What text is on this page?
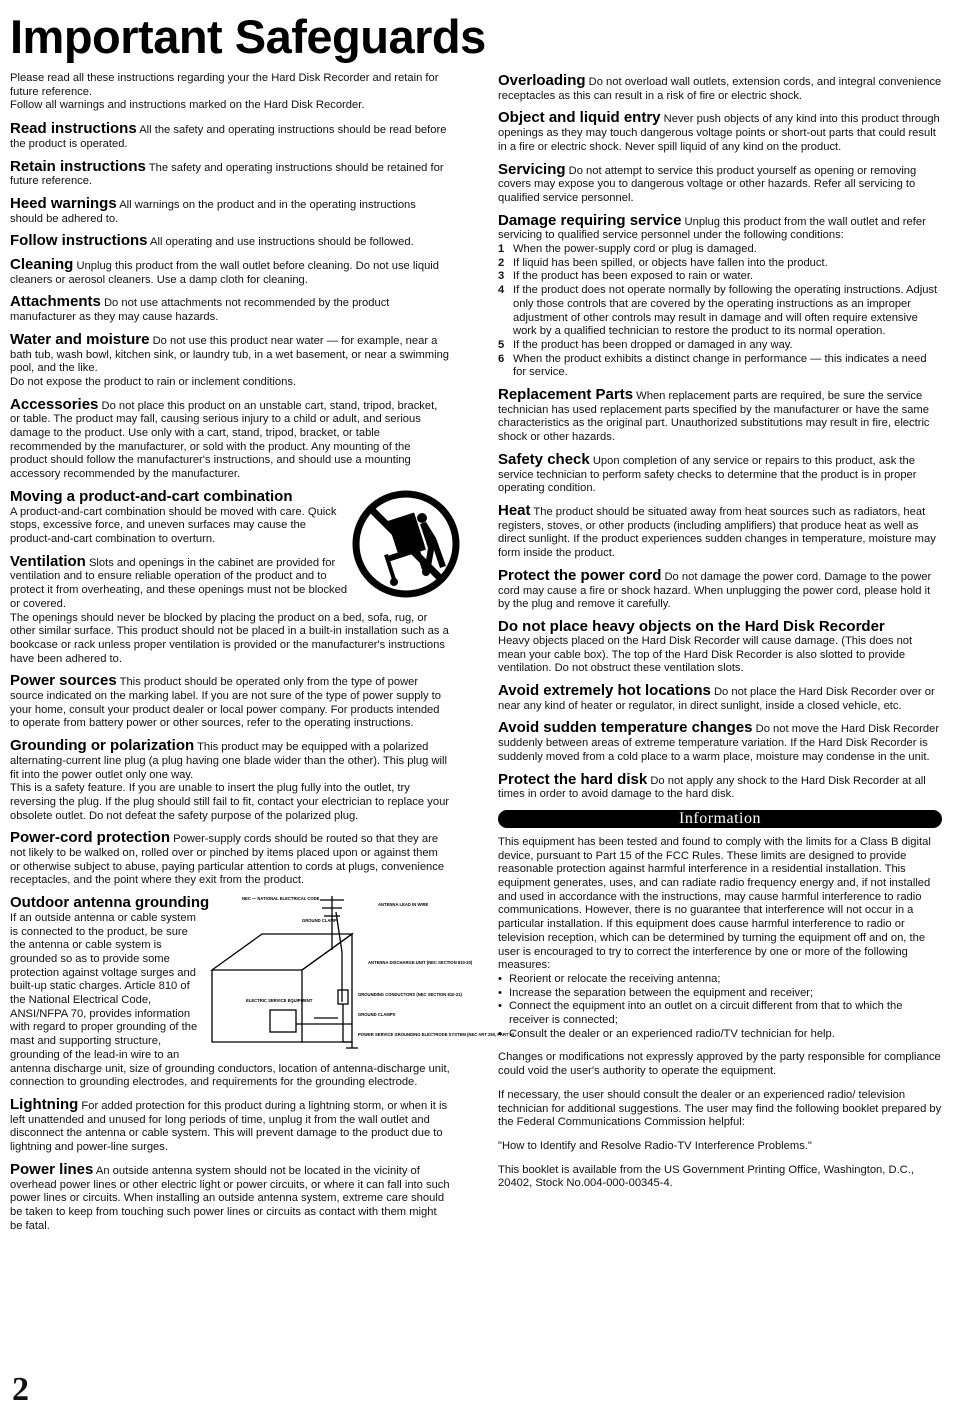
Important Safeguards

Please read all these instructions regarding your the Hard Disk Recorder and retain for future reference.
Follow all warnings and instructions marked on the Hard Disk Recorder.

Read instructions All the safety and operating instructions should be read before the product is operated.

Retain instructions The safety and operating instructions should be retained for future reference.

Heed warnings All warnings on the product and in the operating instructions should be adhered to.

Follow instructions All operating and use instructions should be followed.

Cleaning Unplug this product from the wall outlet before cleaning. Do not use liquid cleaners or aerosol cleaners. Use a damp cloth for cleaning.

Attachments Do not use attachments not recommended by the product manufacturer as they may cause hazards.

Water and moisture Do not use this product near water — for example, near a bath tub, wash bowl, kitchen sink, or laundry tub, in a wet basement, or near a swimming pool, and the like.

Do not expose the product to rain or inclement conditions.

Accessories Do not place this product on an unstable cart, stand, tripod, bracket, or table. The product may fall, causing serious injury to a child or adult, and serious damage to the product. Use only with a cart, stand, tripod, bracket, or table recommended by the manufacturer, or sold with the product. Any mounting of the product should follow the manufacturer's instructions, and should use a mounting accessory recommended by the manufacturer.

Moving a product-and-cart combination
A product-and-cart combination should be moved with care. Quick stops, excessive force, and uneven surfaces may cause the product-and-cart combination to overturn.

Ventilation Slots and openings in the cabinet are provided for ventilation and to ensure reliable operation of the product and to protect it from overheating, and these openings must not be blocked or covered.

The openings should never be blocked by placing the product on a bed, sofa, rug, or other similar surface. This product should not be placed in a built-in installation such as a bookcase or rack unless proper ventilation is provided or the manufacturer's instructions have been adhered to.

Power sources This product should be operated only from the type of power source indicated on the marking label. If you are not sure of the type of power supply to your home, consult your product dealer or local power company. For products intended to operate from battery power or other sources, refer to the operating instructions.

Grounding or polarization This product may be equipped with a polarized alternating-current line plug (a plug having one blade wider than the other). This plug will fit into the power outlet only one way.

This is a safety feature. If you are unable to insert the plug fully into the outlet, try reversing the plug. If the plug should still fail to fit, contact your electrician to replace your obsolete outlet. Do not defeat the safety purpose of the polarized plug.

Power-cord protection Power-supply cords should be routed so that they are not likely to be walked on, rolled over or pinched by items placed upon or against them or otherwise subject to abuse, paying particular attention to cords at plugs, convenience receptacles, and the point where they exit from the product.

Outdoor antenna grounding	NEC — NATIONAL ELECTRICAL CODE
ANTENNA LEAD IN WIRE
GROUND CLAMP
ANTENNA DISCHARGE UNIT (NEC SECTION 810-20)
ELECTRIC SERVICE EQUIPMENT
GROUNDING CONDUCTORS (NEC SECTION 810-21)
GROUND CLAMPS
POWER SERVICE GROUNDING ELECTRODE SYSTEM (NEC ART 250, PART H)

If an outside antenna or cable system is connected to the product, be sure the antenna or cable system is grounded so as to provide some protection against voltage surges and built-up static charges. Article 810 of the National Electrical Code, ANSI/NFPA 70, provides information with regard to proper grounding of the mast and supporting structure, grounding of the lead-in wire to an antenna discharge unit, size of grounding conductors, location of antenna-discharge unit, connection to grounding electrodes, and requirements for the grounding electrode.

Lightning For added protection for this product during a lightning storm, or when it is left unattended and unused for long periods of time, unplug it from the wall outlet and disconnect the antenna or cable system. This will prevent damage to the product due to lightning and power-line surges.

Power lines An outside antenna system should not be located in the vicinity of overhead power lines or other electric light or power circuits, or where it can fall into such power lines or circuits. When installing an outside antenna system, extreme care should be taken to keep from touching such power lines or circuits as contact with them might be fatal.

Overloading Do not overload wall outlets, extension cords, and integral convenience receptacles as this can result in a risk of fire or electric shock.

Object and liquid entry Never push objects of any kind into this product through openings as they may touch dangerous voltage points or short-out parts that could result in a fire or electric shock. Never spill liquid of any kind on the product.

Servicing Do not attempt to service this product yourself as opening or removing covers may expose you to dangerous voltage or other hazards. Refer all servicing to qualified service personnel.

Damage requiring service Unplug this product from the wall outlet and refer servicing to qualified service personnel under the following conditions:

1 When the power-supply cord or plug is damaged.
2 If liquid has been spilled, or objects have fallen into the product.
3 If the product has been exposed to rain or water.
4 If the product does not operate normally by following the operating instructions. Adjust only those controls that are covered by the operating instructions as an improper adjustment of other controls may result in damage and will often require extensive work by a qualified technician to restore the product to its normal operation.
5 If the product has been dropped or damaged in any way.
6 When the product exhibits a distinct change in performance — this indicates a need for service.

Replacement Parts When replacement parts are required, be sure the service technician has used replacement parts specified by the manufacturer or have the same characteristics as the original part. Unauthorized substitutions may result in fire, electric shock or other hazards.

Safety check Upon completion of any service or repairs to this product, ask the service technician to perform safety checks to determine that the product is in proper operating condition.

Heat The product should be situated away from heat sources such as radiators, heat registers, stoves, or other products (including amplifiers) that produce heat as well as direct sunlight. If the product experiences sudden changes in temperature, moisture may form inside the product.

Protect the power cord Do not damage the power cord. Damage to the power cord may cause a fire or shock hazard. When unplugging the power cord, please hold it by the plug and remove it carefully.

Do not place heavy objects on the Hard Disk Recorder

Heavy objects placed on the Hard Disk Recorder will cause damage. (This does not mean your cable box). The top of the Hard Disk Recorder is also slotted to provide ventilation. Do not obstruct these ventilation slots.

Avoid extremely hot locations Do not place the Hard Disk Recorder over or near any kind of heater or regulator, in direct sunlight, inside a closed vehicle, etc.

Avoid sudden temperature changes Do not move the Hard Disk Recorder suddenly between areas of extreme temperature variation. If the Hard Disk Recorder is suddenly moved from a cold place to a warm place, moisture may condense in the unit.

Protect the hard disk Do not apply any shock to the Hard Disk Recorder at all times in order to avoid damage to the hard disk.

Information

This equipment has been tested and found to comply with the limits for a Class B digital device, pursuant to Part 15 of the FCC Rules. These limits are designed to provide reasonable protection against harmful interference in a residential installation. This equipment generates, uses, and can radiate radio frequency energy and, if not installed and used in accordance with the instructions, may cause harmful interference to radio communications. However, there is no guarantee that interference will not occur in a particular installation. If this equipment does cause harmful interference to radio or television reception, which can be determined by turning the equipment off and on, the user is encouraged to try to correct the interference by one or more of the following measures:

• Reorient or relocate the receiving antenna;
• Increase the separation between the equipment and receiver;
• Connect the equipment into an outlet on a circuit different from that to which the receiver is connected;
• Consult the dealer or an experienced radio/TV technician for help.

Changes or modifications not expressly approved by the party responsible for compliance could void the user's authority to operate the equipment.

If necessary, the user should consult the dealer or an experienced radio/ television technician for additional suggestions. The user may find the following booklet prepared by the Federal Communications Commission helpful:

"How to Identify and Resolve Radio-TV Interference Problems."

This booklet is available from the US Government Printing Office, Washington, D.C., 20402, Stock No.004-000-00345-4.

2
